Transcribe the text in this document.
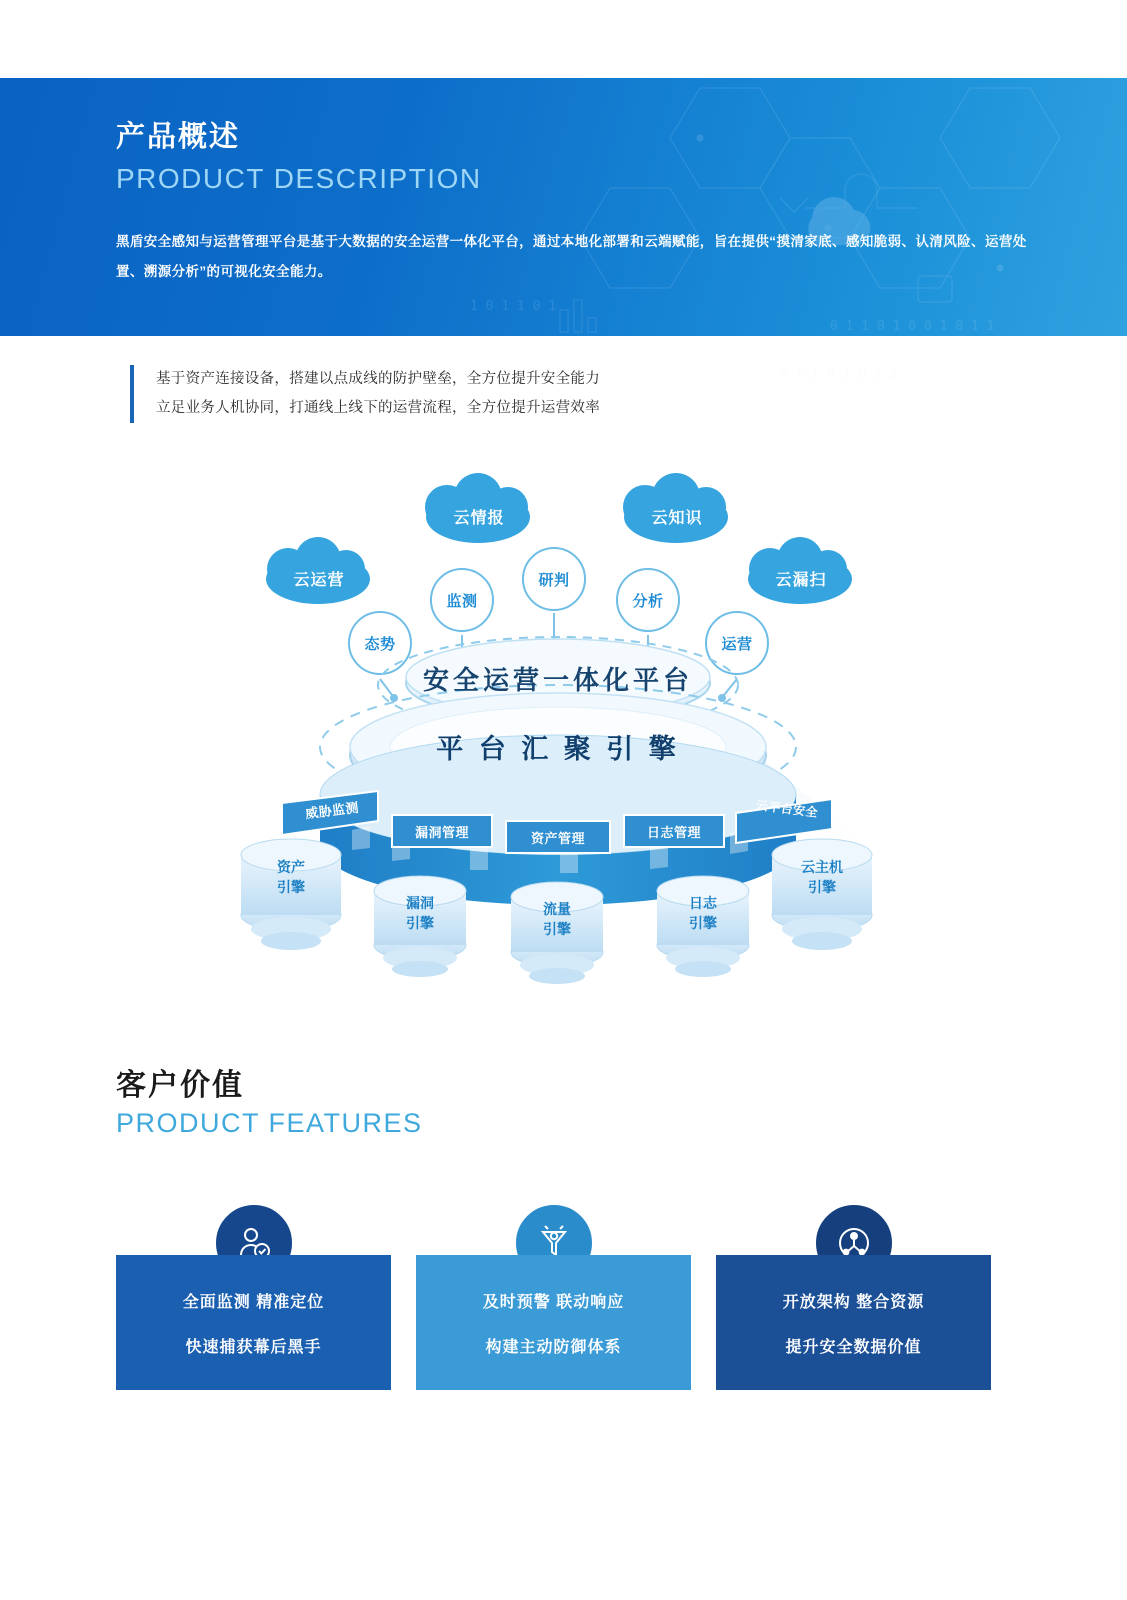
0 1 1 0 1 0 0 1
1 0 1 1 0 1
0 1 1 0 1 0 0 1 0 1 1
产品概述
PRODUCT DESCRIPTION

黑盾安全感知与运营管理平台是基于大数据的安全运营一体化平台，通过本地化部署和云端赋能，旨在提供“摸清家底、感知脆弱、认清风险、运营处置、溯源分析”的可视化安全能力。

基于资产连接设备，搭建以点成线的防护壁垒，全方位提升安全能力
立足业务人机协同，打通线上线下的运营流程，全方位提升运营效率
云情报	云知识
云运营	云漏扫
监测
研判
分析
态势	运营
安全运营一体化平台
平 台 汇 聚 引 擎
威胁监测
漏洞管理	资产管理	日志管理
云平台安全
资产
引擎
漏洞
引擎
流量
引擎
日志
引擎
云主机
引擎
客户价值
PRODUCT FEATURES
全面监测 精准定位
快速捕获幕后黑手
及时预警 联动响应
构建主动防御体系
开放架构 整合资源
提升安全数据价值
